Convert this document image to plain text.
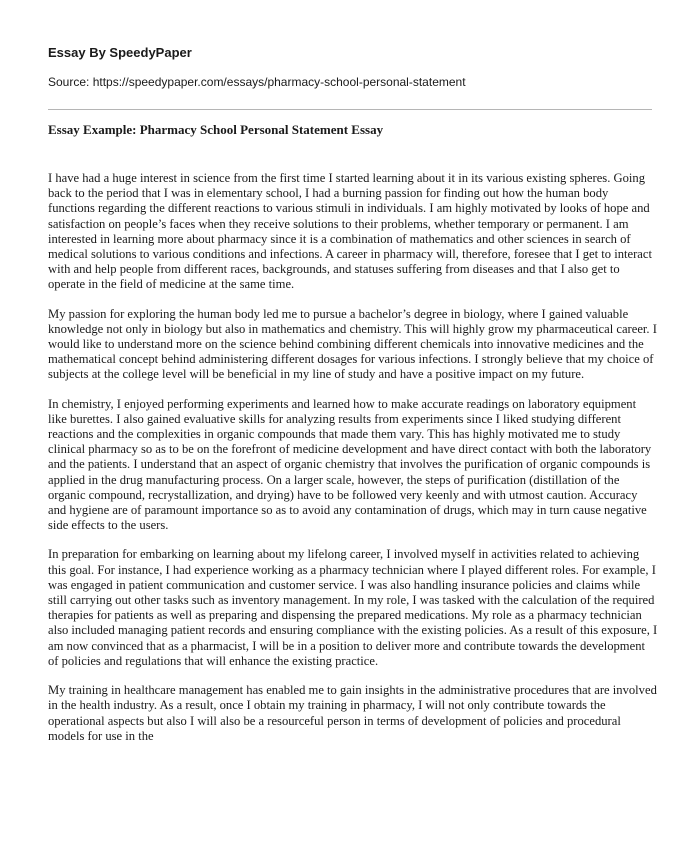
Essay By SpeedyPaper

Source: https://speedypaper.com/essays/pharmacy-school-personal-statement

Essay Example: Pharmacy School Personal Statement Essay

I have had a huge interest in science from the first time I started learning about it in its various existing spheres. Going back to the period that I was in elementary school, I had a burning passion for finding out how the human body functions regarding the different reactions to various stimuli in individuals. I am highly motivated by looks of hope and satisfaction on people’s faces when they receive solutions to their problems, whether temporary or permanent. I am interested in learning more about pharmacy since it is a combination of mathematics and other sciences in search of medical solutions to various conditions and infections. A career in pharmacy will, therefore, foresee that I get to interact with and help people from different races, backgrounds, and statuses suffering from diseases and that I also get to operate in the field of medicine at the same time.

My passion for exploring the human body led me to pursue a bachelor’s degree in biology, where I gained valuable knowledge not only in biology but also in mathematics and chemistry. This will highly grow my pharmaceutical career. I would like to understand more on the science behind combining different chemicals into innovative medicines and the mathematical concept behind administering different dosages for various infections. I strongly believe that my choice of subjects at the college level will be beneficial in my line of study and have a positive impact on my future.

In chemistry, I enjoyed performing experiments and learned how to make accurate readings on laboratory equipment like burettes. I also gained evaluative skills for analyzing results from experiments since I liked studying different reactions and the complexities in organic compounds that made them vary. This has highly motivated me to study clinical pharmacy so as to be on the forefront of medicine development and have direct contact with both the laboratory and the patients. I understand that an aspect of organic chemistry that involves the purification of organic compounds is applied in the drug manufacturing process. On a larger scale, however, the steps of purification (distillation of the organic compound, recrystallization, and drying) have to be followed very keenly and with utmost caution. Accuracy and hygiene are of paramount importance so as to avoid any contamination of drugs, which may in turn cause negative side effects to the users.

In preparation for embarking on learning about my lifelong career, I involved myself in activities related to achieving this goal. For instance, I had experience working as a pharmacy technician where I played different roles. For example, I was engaged in patient communication and customer service. I was also handling insurance policies and claims while still carrying out other tasks such as inventory management. In my role, I was tasked with the calculation of the required therapies for patients as well as preparing and dispensing the prepared medications. My role as a pharmacy technician also included managing patient records and ensuring compliance with the existing policies. As a result of this exposure, I am now convinced that as a pharmacist, I will be in a position to deliver more and contribute towards the development of policies and regulations that will enhance the existing practice.

My training in healthcare management has enabled me to gain insights in the administrative procedures that are involved in the health industry. As a result, once I obtain my training in pharmacy, I will not only contribute towards the operational aspects but also I will also be a resourceful person in terms of development of policies and procedural models for use in the
